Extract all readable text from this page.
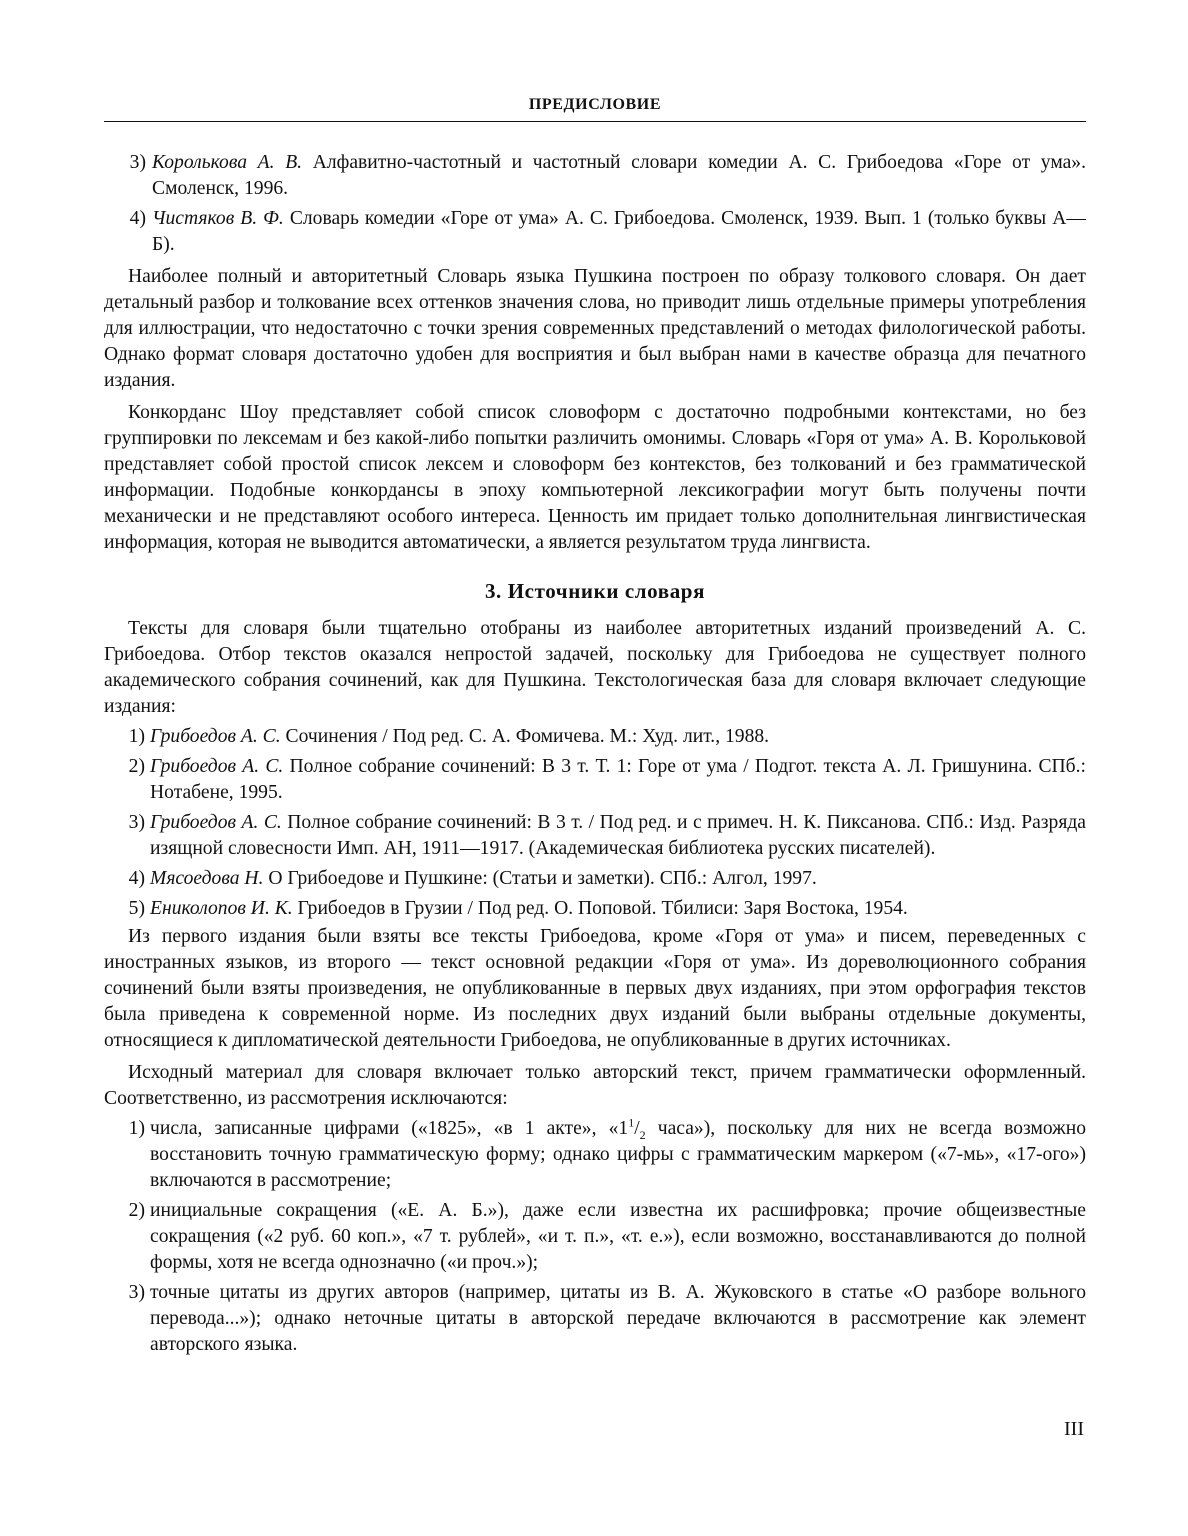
ПРЕДИСЛОВИЕ
3) Королькова А. В. Алфавитно-частотный и частотный словари комедии А. С. Грибоедова «Горе от ума». Смоленск, 1996.
4) Чистяков В. Ф. Словарь комедии «Горе от ума» А. С. Грибоедова. Смоленск, 1939. Вып. 1 (только буквы А—Б).

Наиболее полный и авторитетный Словарь языка Пушкина построен по образу толкового словаря. Он дает детальный разбор и толкование всех оттенков значения слова, но приводит лишь отдельные примеры употребления для иллюстрации, что недостаточно с точки зрения современных представлений о методах филологической работы. Однако формат словаря достаточно удобен для восприятия и был выбран нами в качестве образца для печатного издания.

Конкорданс Шоу представляет собой список словоформ с достаточно подробными контекстами, но без группировки по лексемам и без какой-либо попытки различить омонимы. Словарь «Горя от ума» А. В. Корольковой представляет собой простой список лексем и словоформ без контекстов, без толкований и без грамматической информации. Подобные конкордансы в эпоху компьютерной лексикографии могут быть получены почти механически и не представляют особого интереса. Ценность им придает только дополнительная лингвистическая информация, которая не выводится автоматически, а является результатом труда лингвиста.

3. Источники словаря

Тексты для словаря были тщательно отобраны из наиболее авторитетных изданий произведений А. С. Грибоедова. Отбор текстов оказался непростой задачей, поскольку для Грибоедова не существует полного академического собрания сочинений, как для Пушкина. Текстологическая база для словаря включает следующие издания:

1) Грибоедов А. С. Сочинения / Под ред. С. А. Фомичева. М.: Худ. лит., 1988.
2) Грибоедов А. С. Полное собрание сочинений: В 3 т. Т. 1: Горе от ума / Подгот. текста А. Л. Гришунина. СПб.: Нотабене, 1995.
3) Грибоедов А. С. Полное собрание сочинений: В 3 т. / Под ред. и с примеч. Н. К. Пиксанова. СПб.: Изд. Разряда изящной словесности Имп. АН, 1911—1917. (Академическая библиотека русских писателей).
4) Мясоедова Н. О Грибоедове и Пушкине: (Статьи и заметки). СПб.: Алгол, 1997.
5) Ениколопов И. К. Грибоедов в Грузии / Под ред. О. Поповой. Тбилиси: Заря Востока, 1954.

Из первого издания были взяты все тексты Грибоедова, кроме «Горя от ума» и писем, переведенных с иностранных языков, из второго — текст основной редакции «Горя от ума». Из дореволюционного собрания сочинений были взяты произведения, не опубликованные в первых двух изданиях, при этом орфография текстов была приведена к современной норме. Из последних двух изданий были выбраны отдельные документы, относящиеся к дипломатической деятельности Грибоедова, не опубликованные в других источниках.

Исходный материал для словаря включает только авторский текст, причем грамматически оформленный. Соответственно, из рассмотрения исключаются:

1) числа, записанные цифрами («1825», «в 1 акте», «$1^1/_2$ часа»), поскольку для них не всегда возможно восстановить точную грамматическую форму; однако цифры с грамматическим маркером («7-мь», «17-ого») включаются в рассмотрение;
2) инициальные сокращения («Е. А. Б.»), даже если известна их расшифровка; прочие общеизвестные сокращения («2 руб. 60 коп.», «7 т. рублей», «и т. п.», «т. е.»), если возможно, восстанавливаются до полной формы, хотя не всегда однозначно («и проч.»);
3) точные цитаты из других авторов (например, цитаты из В. А. Жуковского в статье «О разборе вольного перевода...»); однако неточные цитаты в авторской передаче включаются в рассмотрение как элемент авторского языка.
III
